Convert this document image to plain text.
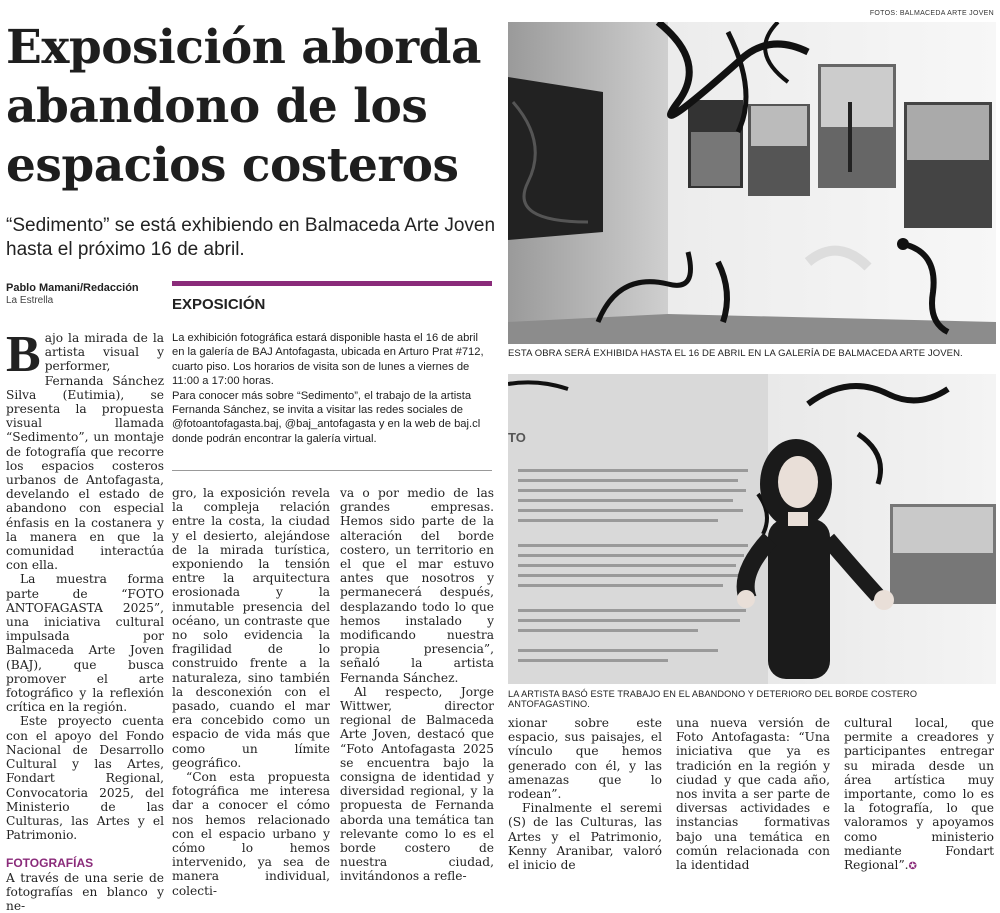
FOTOS: BALMACEDA ARTE JOVEN
Exposición aborda abandono de los espacios costeros
“Sedimento” se está exhibiendo en Balmaceda Arte Joven hasta el próximo 16 de abril.
Pablo Mamani/Redacción
La Estrella	EXPOSICIÓN

La exhibición fotográfica estará disponible hasta el 16 de abril en la galería de BAJ Antofagasta, ubicada en Arturo Prat #712, cuarto piso. Los horarios de visita son de lunes a viernes de 11:00 a 17:00 horas.

Para conocer más sobre “Sedimento”, el trabajo de la artista Fernanda Sánchez, se invita a visitar las redes sociales de @fotoantofagasta.baj, @baj_antofagasta y en la web de baj.cl donde podrán encontrar la galería virtual.

B ajo la mirada de la artista visual y performer, Fernanda Sánchez Silva (Eutimia), se presenta la propuesta visual llamada “Sedimento”, un montaje de fotografía que recorre los espacios costeros urbanos de Antofagasta, develando el estado de abandono con especial énfasis en la costanera y la manera en que la comunidad interactúa con ella.

La muestra forma parte de “FOTO ANTOFAGASTA 2025”, una iniciativa cultural impulsada por Balmaceda Arte Joven (BAJ), que busca promover el arte fotográfico y la reflexión crítica en la región.

Este proyecto cuenta con el apoyo del Fondo Nacional de Desarrollo Cultural y las Artes, Fondart Regional, Convocatoria 2025, del Ministerio de las Culturas, las Artes y el Patrimonio.

FOTOGRAFÍAS

A través de una serie de fotografías en blanco y ne-

gro, la exposición revela la compleja relación entre la costa, la ciudad y el desierto, alejándose de la mirada turística, exponiendo la tensión entre la arquitectura erosionada y la inmutable presencia del océano, un contraste que no solo evidencia la fragilidad de lo construido frente a la naturaleza, sino también la desconexión con el pasado, cuando el mar era concebido como un espacio de vida más que como un límite geográfico.

“Con esta propuesta fotográfica me interesa dar a conocer el cómo nos hemos relacionado con el espacio urbano y cómo lo hemos intervenido, ya sea de manera individual, colecti-

va o por medio de las grandes empresas. Hemos sido parte de la alteración del borde costero, un territorio en el que el mar estuvo antes que nosotros y permanecerá después, desplazando todo lo que hemos instalado y modificando nuestra propia presencia”, señaló la artista Fernanda Sánchez.

Al respecto, Jorge Wittwer, director regional de Balmaceda Arte Joven, destacó que “Foto Antofagasta 2025 se encuentra bajo la consigna de identidad y diversidad regional, y la propuesta de Fernanda aborda una temática tan relevante como lo es el borde costero de nuestra ciudad, invitándonos a refle-

xionar sobre este espacio, sus paisajes, el vínculo que hemos generado con él, y las amenazas que lo rodean”.

Finalmente el seremi (S) de las Culturas, las Artes y el Patrimonio, Kenny Aranibar, valoró el inicio de

una nueva versión de Foto Antofagasta: “Una iniciativa que ya es tradición en la región y ciudad y que cada año, nos invita a ser parte de diversas actividades e instancias formativas bajo una temática en común relacionada con la identidad

cultural local, que permite a creadores y participantes entregar su mirada desde un área artística muy importante, como lo es la fotografía, lo que valoramos y apoyamos como ministerio mediante Fondart Regional”.✪

ESTA OBRA SERÁ EXHIBIDA HASTA EL 16 DE ABRIL EN LA GALERÍA DE BALMACEDA ARTE JOVEN.
TO
LA ARTISTA BASÓ ESTE TRABAJO EN EL ABANDONO Y DETERIORO DEL BORDE COSTERO ANTOFAGASTINO.
